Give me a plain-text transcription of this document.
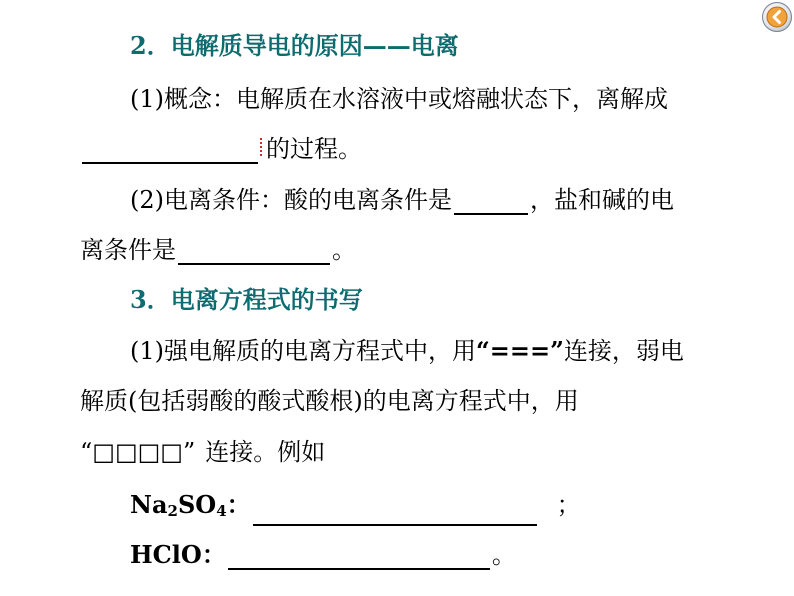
2．电解质导电的原因——电离
(1)概念：电解质在水溶液中或熔融状态下，离解成
的过程。
(2)电离条件：酸的电离条件是	，盐和碱的电
离条件是	。
3．电离方程式的书写
(1)强电解质的电离方程式中，用“===”连接，弱电
解质(包括弱酸的酸式酸根)的电离方程式中，用
“□□□□” 连接。例如
$Na_2SO_4$：	；
HClO：	。
